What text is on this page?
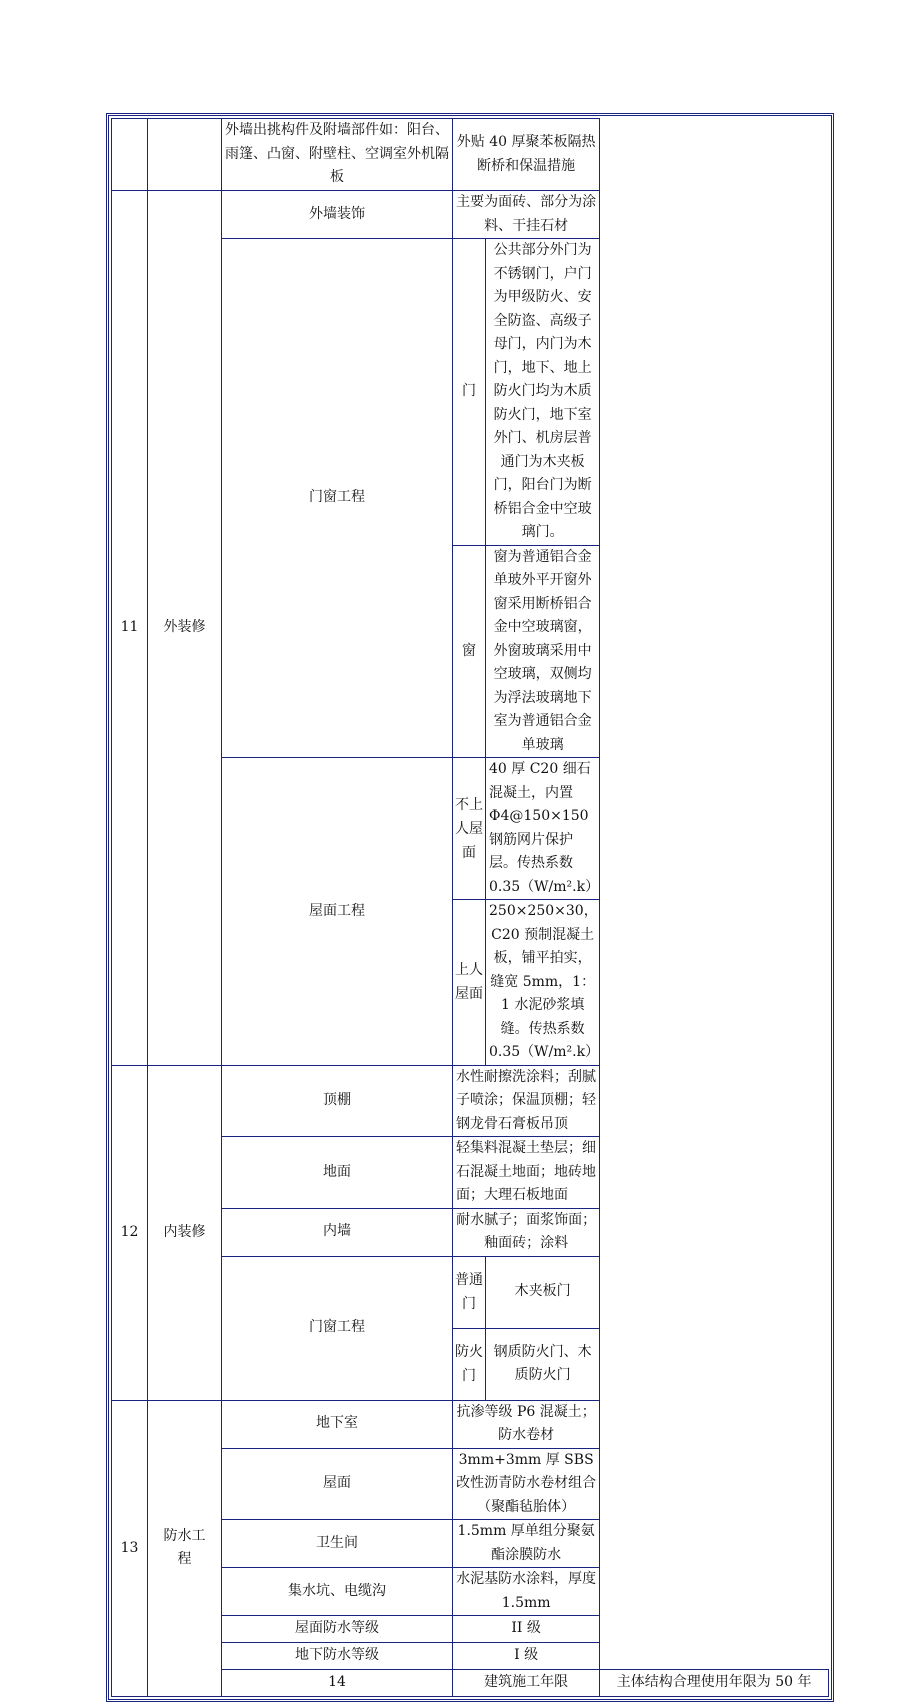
		外墙出挑构件及附墙部件如：阳台、雨篷、凸窗、附壁柱、空调室外机隔板	外贴 40 厚聚苯板隔热断桥和保温措施		
11	外装修	外墙装饰	主要为面砖、部分为涂料、干挂石材		
		门窗工程	门	公共部分外门为不锈钢门，户门为甲级防火、安全防盗、高级子母门，内门为木门，地下、地上防火门均为木质防火门，地下室外门、机房层普通门为木夹板门，阳台门为断桥铝合金中空玻璃门。	
			窗	窗为普通铝合金单玻外平开窗外窗采用断桥铝合金中空玻璃窗，外窗玻璃采用中空玻璃，双侧均为浮法玻璃地下室为普通铝合金单玻璃	
		屋面工程	不上人屋面	40 厚 C20 细石混凝土，内置Φ4@150×150 钢筋网片保护层。传热系数 0.35（W/m².k）	
			上人屋面	250×250×30，C20 预制混凝土板，铺平拍实，缝宽 5mm，1：1 水泥砂浆填缝。传热系数 0.35（W/m².k）	
12	内装修	顶棚	水性耐擦洗涂料；刮腻子喷涂；保温顶棚；轻钢龙骨石膏板吊顶		
		地面	轻集料混凝土垫层；细石混凝土地面；地砖地面；大理石板地面		
		内墙	耐水腻子；面浆饰面；釉面砖；涂料		
		门窗工程	普通门	木夹板门	
			防火门	钢质防火门、木质防火门	
13	防水工程	地下室	抗渗等级 P6 混凝土；防水卷材		
		屋面	3mm+3mm 厚 SBS 改性沥青防水卷材组合（聚酯毡胎体）		
		卫生间	1.5mm 厚单组分聚氨酯涂膜防水		
		集水坑、电缆沟	水泥基防水涂料，厚度 1.5mm		
		屋面防水等级	II 级		
		地下防水等级	I 级		
		14	建筑施工年限		主体结构合理使用年限为 50 年
